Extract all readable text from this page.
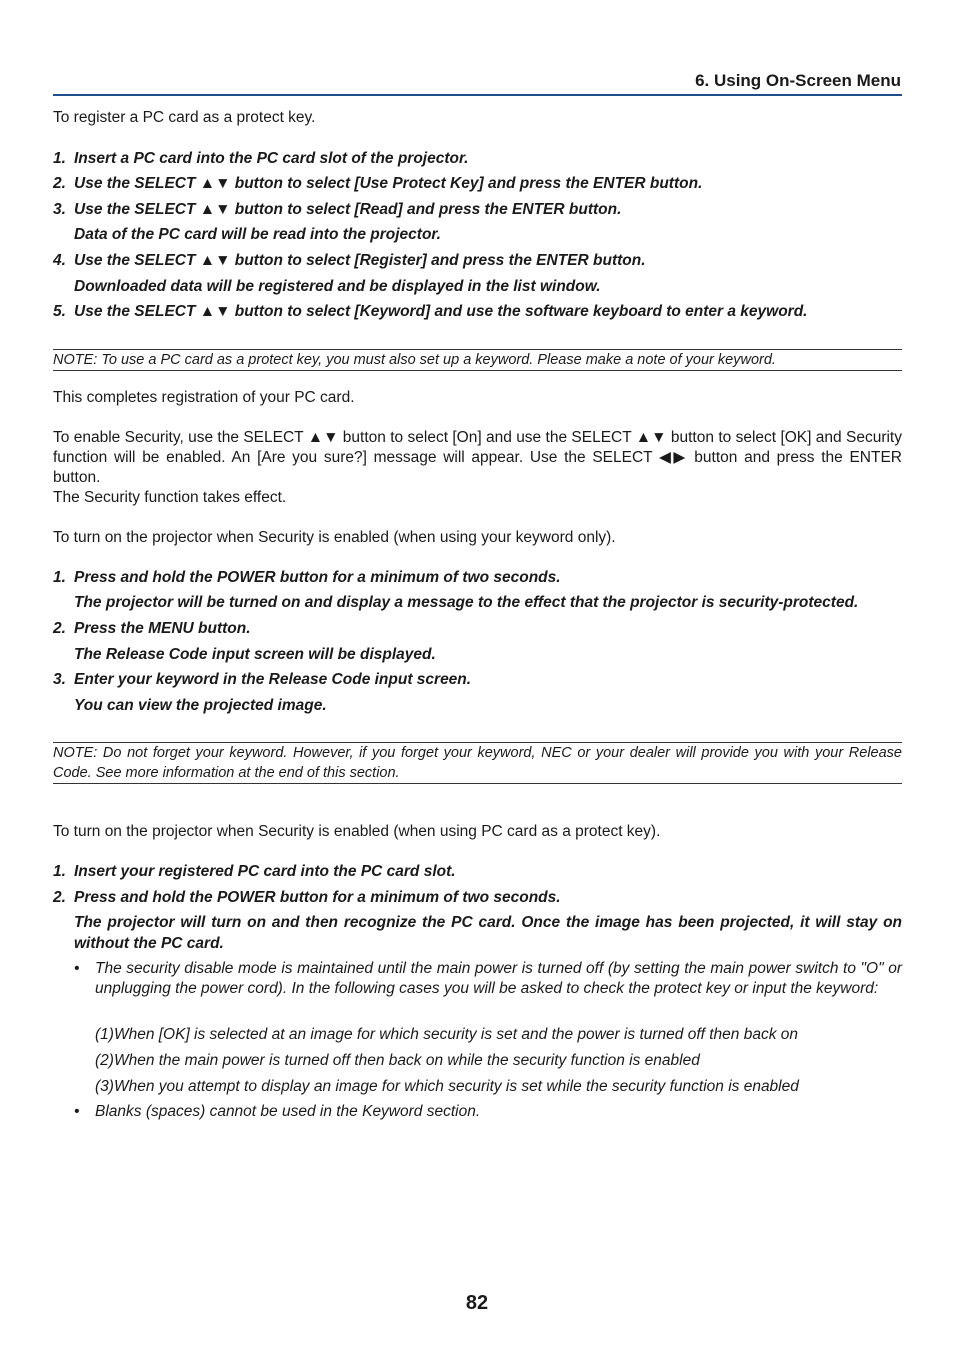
6. Using On-Screen Menu
To register a PC card as a protect key.
1. Insert a PC card into the PC card slot of the projector.
2. Use the SELECT ▲▼ button to select [Use Protect Key] and press the ENTER button.
3. Use the SELECT ▲▼ button to select [Read] and press the ENTER button.
Data of the PC card will be read into the projector.
4. Use the SELECT ▲▼ button to select [Register] and press the ENTER button.
Downloaded data will be registered and be displayed in the list window.
5. Use the SELECT ▲▼ button to select [Keyword] and use the software keyboard to enter a keyword.
NOTE: To use a PC card as a protect key, you must also set up a keyword. Please make a note of your keyword.
This completes registration of your PC card.
To enable Security, use the SELECT ▲▼ button to select [On] and use the SELECT ▲▼ button to select [OK] and Security function will be enabled. An [Are you sure?] message will appear. Use the SELECT ◀▶ button and press the ENTER button.
The Security function takes effect.
To turn on the projector when Security is enabled (when using your keyword only).
1. Press and hold the POWER button for a minimum of two seconds.
The projector will be turned on and display a message to the effect that the projector is security-protected.
2. Press the MENU button.
The Release Code input screen will be displayed.
3. Enter your keyword in the Release Code input screen.
You can view the projected image.
NOTE: Do not forget your keyword. However, if you forget your keyword, NEC or your dealer will provide you with your Release Code. See more information at the end of this section.
To turn on the projector when Security is enabled (when using PC card as a protect key).
1. Insert your registered PC card into the PC card slot.
2. Press and hold the POWER button for a minimum of two seconds.
The projector will turn on and then recognize the PC card. Once the image has been projected, it will stay on without the PC card.
• The security disable mode is maintained until the main power is turned off (by setting the main power switch to "O" or unplugging the power cord). In the following cases you will be asked to check the protect key or input the keyword:
(1)When [OK] is selected at an image for which security is set and the power is turned off then back on
(2)When the main power is turned off then back on while the security function is enabled
(3)When you attempt to display an image for which security is set while the security function is enabled
• Blanks (spaces) cannot be used in the Keyword section.
82
